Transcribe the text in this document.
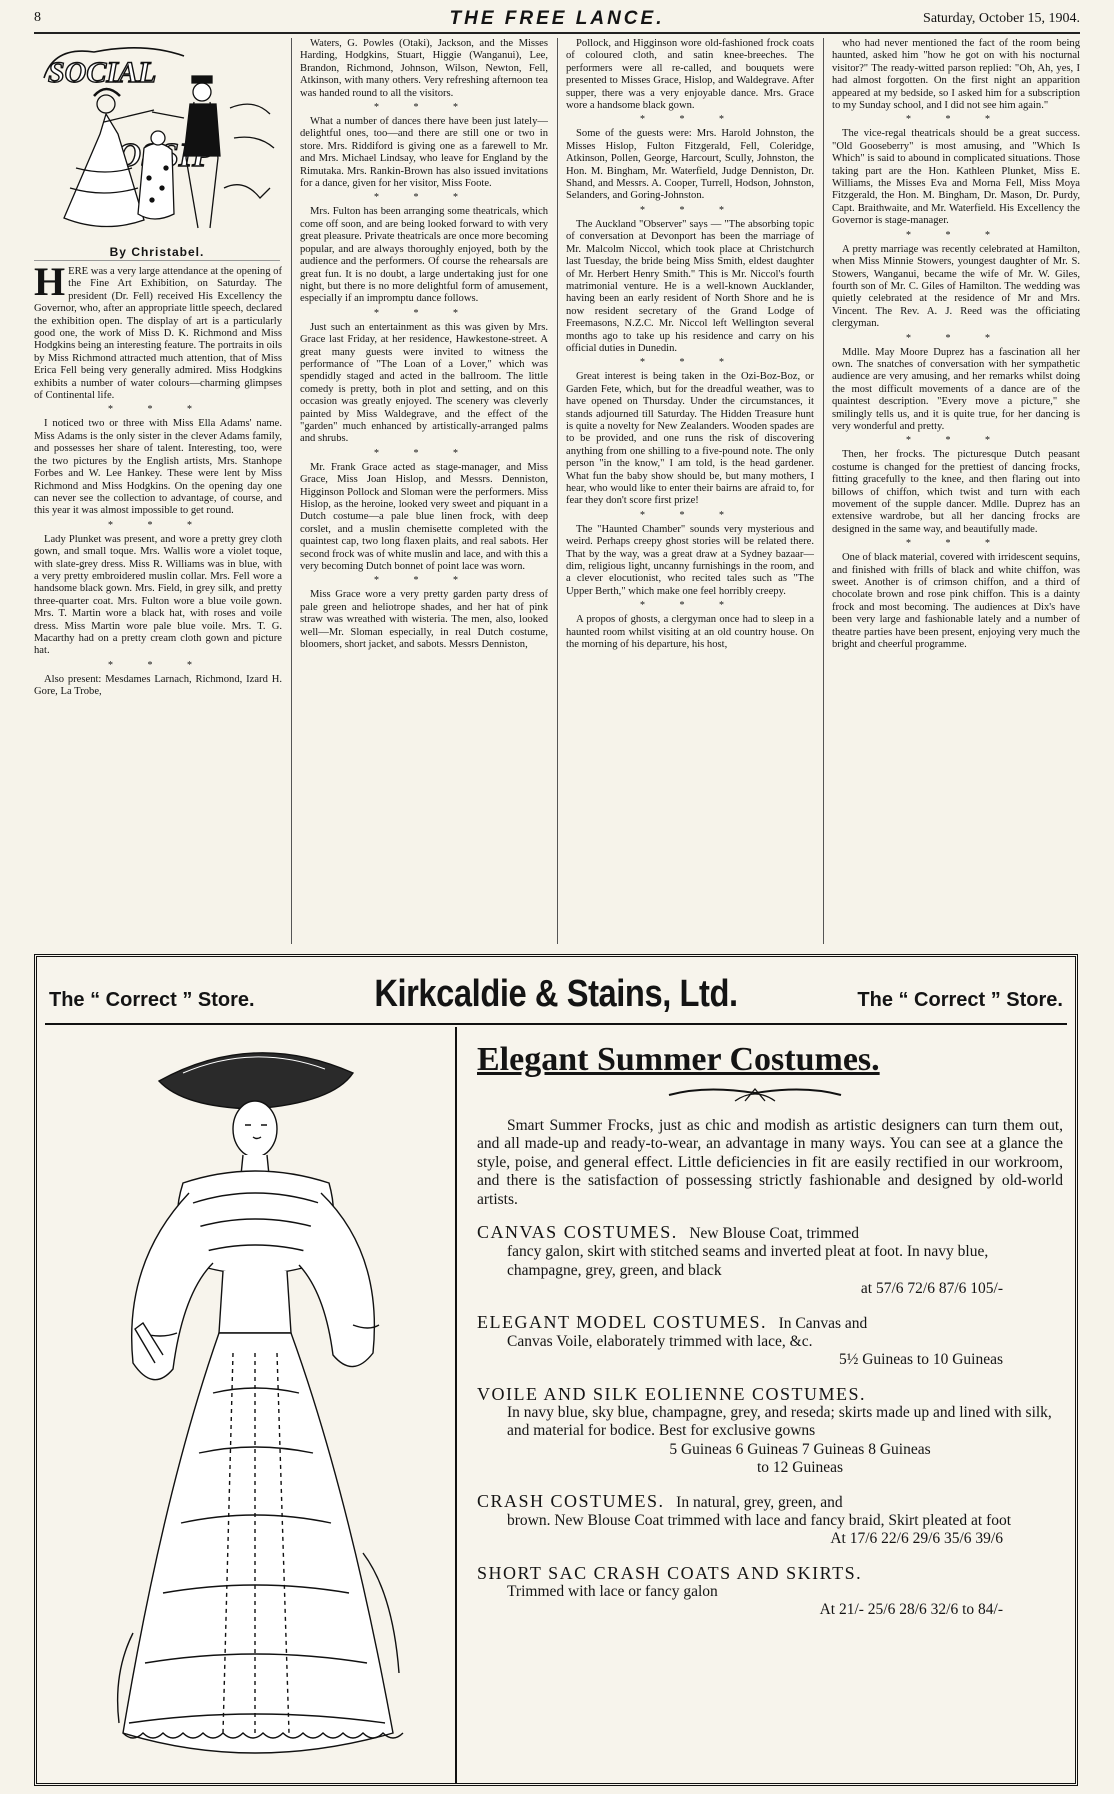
8	THE FREE LANCE.	Saturday, October 15, 1904.
SOCIAL
By Christabel.

HERE was a very large attendance at the opening of the Fine Art Exhibition, on Saturday. The president (Dr. Fell) received His Excellency the Governor, who, after an appropriate little speech, declared the exhibition open. The display of art is a particularly good one, the work of Miss D. K. Richmond and Miss Hodgkins being an interesting feature. The portraits in oils by Miss Richmond attracted much attention, that of Miss Erica Fell being very generally admired. Miss Hodgkins exhibits a number of water colours—charming glimpses of Continental life.

* * *

I noticed two or three with Miss Ella Adams' name. Miss Adams is the only sister in the clever Adams family, and possesses her share of talent. Interesting, too, were the two pictures by the English artists, Mrs. Stanhope Forbes and W. Lee Hankey. These were lent by Miss Richmond and Miss Hodgkins. On the opening day one can never see the collection to advantage, of course, and this year it was almost impossible to get round.

* * *

Lady Plunket was present, and wore a pretty grey cloth gown, and small toque. Mrs. Wallis wore a violet toque, with slate-grey dress. Miss R. Williams was in blue, with a very pretty embroidered muslin collar. Mrs. Fell wore a handsome black gown. Mrs. Field, in grey silk, and pretty three-quarter coat. Mrs. Fulton wore a blue voile gown. Mrs. T. Martin wore a black hat, with roses and voile dress. Miss Martin wore pale blue voile. Mrs. T. G. Macarthy had on a pretty cream cloth gown and picture hat.

* * *

Also present: Mesdames Larnach, Richmond, Izard H. Gore, La Trobe,

Waters, G. Powles (Otaki), Jackson, and the Misses Harding, Hodgkins, Stuart, Higgie (Wanganui), Lee, Brandon, Richmond, Johnson, Wilson, Newton, Fell, Atkinson, with many others. Very refreshing afternoon tea was handed round to all the visitors.

* * *

What a number of dances there have been just lately—delightful ones, too—and there are still one or two in store. Mrs. Riddiford is giving one as a farewell to Mr. and Mrs. Michael Lindsay, who leave for England by the Rimutaka. Mrs. Rankin-Brown has also issued invitations for a dance, given for her visitor, Miss Foote.

* * *

Mrs. Fulton has been arranging some theatricals, which come off soon, and are being looked forward to with very great pleasure. Private theatricals are once more becoming popular, and are always thoroughly enjoyed, both by the audience and the performers. Of course the rehearsals are great fun. It is no doubt, a large undertaking just for one night, but there is no more delightful form of amusement, especially if an impromptu dance follows.

* * *

Just such an entertainment as this was given by Mrs. Grace last Friday, at her residence, Hawkestone-street. A great many guests were invited to witness the performance of "The Loan of a Lover," which was spendidly staged and acted in the ballroom. The little comedy is pretty, both in plot and setting, and on this occasion was greatly enjoyed. The scenery was cleverly painted by Miss Waldegrave, and the effect of the "garden" much enhanced by artistically-arranged palms and shrubs.

* * *

Mr. Frank Grace acted as stage-manager, and Miss Grace, Miss Joan Hislop, and Messrs. Denniston, Higginson Pollock and Sloman were the performers. Miss Hislop, as the heroine, looked very sweet and piquant in a Dutch costume—a pale blue linen frock, with deep corslet, and a muslin chemisette completed with the quaintest cap, two long flaxen plaits, and real sabots. Her second frock was of white muslin and lace, and with this a very becoming Dutch bonnet of point lace was worn.

* * *

Miss Grace wore a very pretty garden party dress of pale green and heliotrope shades, and her hat of pink straw was wreathed with wisteria. The men, also, looked well—Mr. Sloman especially, in real Dutch costume, bloomers, short jacket, and sabots. Messrs Denniston,

Pollock, and Higginson wore old-fashioned frock coats of coloured cloth, and satin knee-breeches. The performers were all re-called, and bouquets were presented to Misses Grace, Hislop, and Waldegrave. After supper, there was a very enjoyable dance. Mrs. Grace wore a handsome black gown.

* * *

Some of the guests were: Mrs. Harold Johnston, the Misses Hislop, Fulton Fitzgerald, Fell, Coleridge, Atkinson, Pollen, George, Harcourt, Scully, Johnston, the Hon. M. Bingham, Mr. Waterfield, Judge Denniston, Dr. Shand, and Messrs. A. Cooper, Turrell, Hodson, Johnston, Selanders, and Goring-Johnston.

* * *

The Auckland "Observer" says — "The absorbing topic of conversation at Devonport has been the marriage of Mr. Malcolm Niccol, which took place at Christchurch last Tuesday, the bride being Miss Smith, eldest daughter of Mr. Herbert Henry Smith." This is Mr. Niccol's fourth matrimonial venture. He is a well-known Aucklander, having been an early resident of North Shore and he is now resident secretary of the Grand Lodge of Freemasons, N.Z.C. Mr. Niccol left Wellington several months ago to take up his residence and carry on his official duties in Dunedin.

* * *

Great interest is being taken in the Ozi-Boz-Boz, or Garden Fete, which, but for the dreadful weather, was to have opened on Thursday. Under the circumstances, it stands adjourned till Saturday. The Hidden Treasure hunt is quite a novelty for New Zealanders. Wooden spades are to be provided, and one runs the risk of discovering anything from one shilling to a five-pound note. The only person "in the know," I am told, is the head gardener. What fun the baby show should be, but many mothers, I hear, who would like to enter their bairns are afraid to, for fear they don't score first prize!

* * *

The "Haunted Chamber" sounds very mysterious and weird. Perhaps creepy ghost stories will be related there. That by the way, was a great draw at a Sydney bazaar—dim, religious light, uncanny furnishings in the room, and a clever elocutionist, who recited tales such as "The Upper Berth," which make one feel horribly creepy.

* * *

A propos of ghosts, a clergyman once had to sleep in a haunted room whilst visiting at an old country house. On the morning of his departure, his host,

who had never mentioned the fact of the room being haunted, asked him "how he got on with his nocturnal visitor?" The ready-witted parson replied: "Oh, Ah, yes, I had almost forgotten. On the first night an apparition appeared at my bedside, so I asked him for a subscription to my Sunday school, and I did not see him again."

* * *

The vice-regal theatricals should be a great success. "Old Gooseberry" is most amusing, and "Which Is Which" is said to abound in complicated situations. Those taking part are the Hon. Kathleen Plunket, Miss E. Williams, the Misses Eva and Morna Fell, Miss Moya Fitzgerald, the Hon. M. Bingham, Dr. Mason, Dr. Purdy, Capt. Braithwaite, and Mr. Waterfield. His Excellency the Governor is stage-manager.

* * *

A pretty marriage was recently celebrated at Hamilton, when Miss Minnie Stowers, youngest daughter of Mr. S. Stowers, Wanganui, became the wife of Mr. W. Giles, fourth son of Mr. C. Giles of Hamilton. The wedding was quietly celebrated at the residence of Mr and Mrs. Vincent. The Rev. A. J. Reed was the officiating clergyman.

* * *

Mdlle. May Moore Duprez has a fascination all her own. The snatches of conversation with her sympathetic audience are very amusing, and her remarks whilst doing the most difficult movements of a dance are of the quaintest description. "Every move a picture," she smilingly tells us, and it is quite true, for her dancing is very wonderful and pretty.

* * *

Then, her frocks. The picturesque Dutch peasant costume is changed for the prettiest of dancing frocks, fitting gracefully to the knee, and then flaring out into billows of chiffon, which twist and turn with each movement of the supple dancer. Mdlle. Duprez has an extensive wardrobe, but all her dancing frocks are designed in the same way, and beautifully made.

* * *

One of black material, covered with irridescent sequins, and finished with frills of black and white chiffon, was sweet. Another is of crimson chiffon, and a third of chocolate brown and rose pink chiffon. This is a dainty frock and most becoming. The audiences at Dix's have been very large and fashionable lately and a number of theatre parties have been present, enjoying very much the bright and cheerful programme.

The “ Correct ” Store.	Kirkcaldie & Stains, Ltd.	The “ Correct ” Store.
Elegant Summer Costumes.

Smart Summer Frocks, just as chic and modish as artistic designers can turn them out, and all made-up and ready-to-wear, an advantage in many ways. You can see at a glance the style, poise, and general effect. Little deficiencies in fit are easily rectified in our workroom, and there is the satisfaction of possessing strictly fashionable and designed by old-world artists.

CANVAS COSTUMES. New Blouse Coat, trimmed
fancy galon, skirt with stitched seams and inverted pleat at foot. In navy blue, champagne, grey, green, and black
at 57/6 72/6 87/6 105/-
ELEGANT MODEL COSTUMES. In Canvas and
Canvas Voile, elaborately trimmed with lace, &c.
5½ Guineas to 10 Guineas
VOILE AND SILK EOLIENNE COSTUMES.
In navy blue, sky blue, champagne, grey, and reseda; skirts made up and lined with silk, and material for bodice. Best for exclusive gowns
5 Guineas 6 Guineas 7 Guineas 8 Guineas
to 12 Guineas
CRASH COSTUMES. In natural, grey, green, and
brown. New Blouse Coat trimmed with lace and fancy braid, Skirt pleated at foot
At 17/6 22/6 29/6 35/6 39/6
SHORT SAC CRASH COATS AND SKIRTS.
Trimmed with lace or fancy galon
At 21/- 25/6 28/6 32/6 to 84/-
